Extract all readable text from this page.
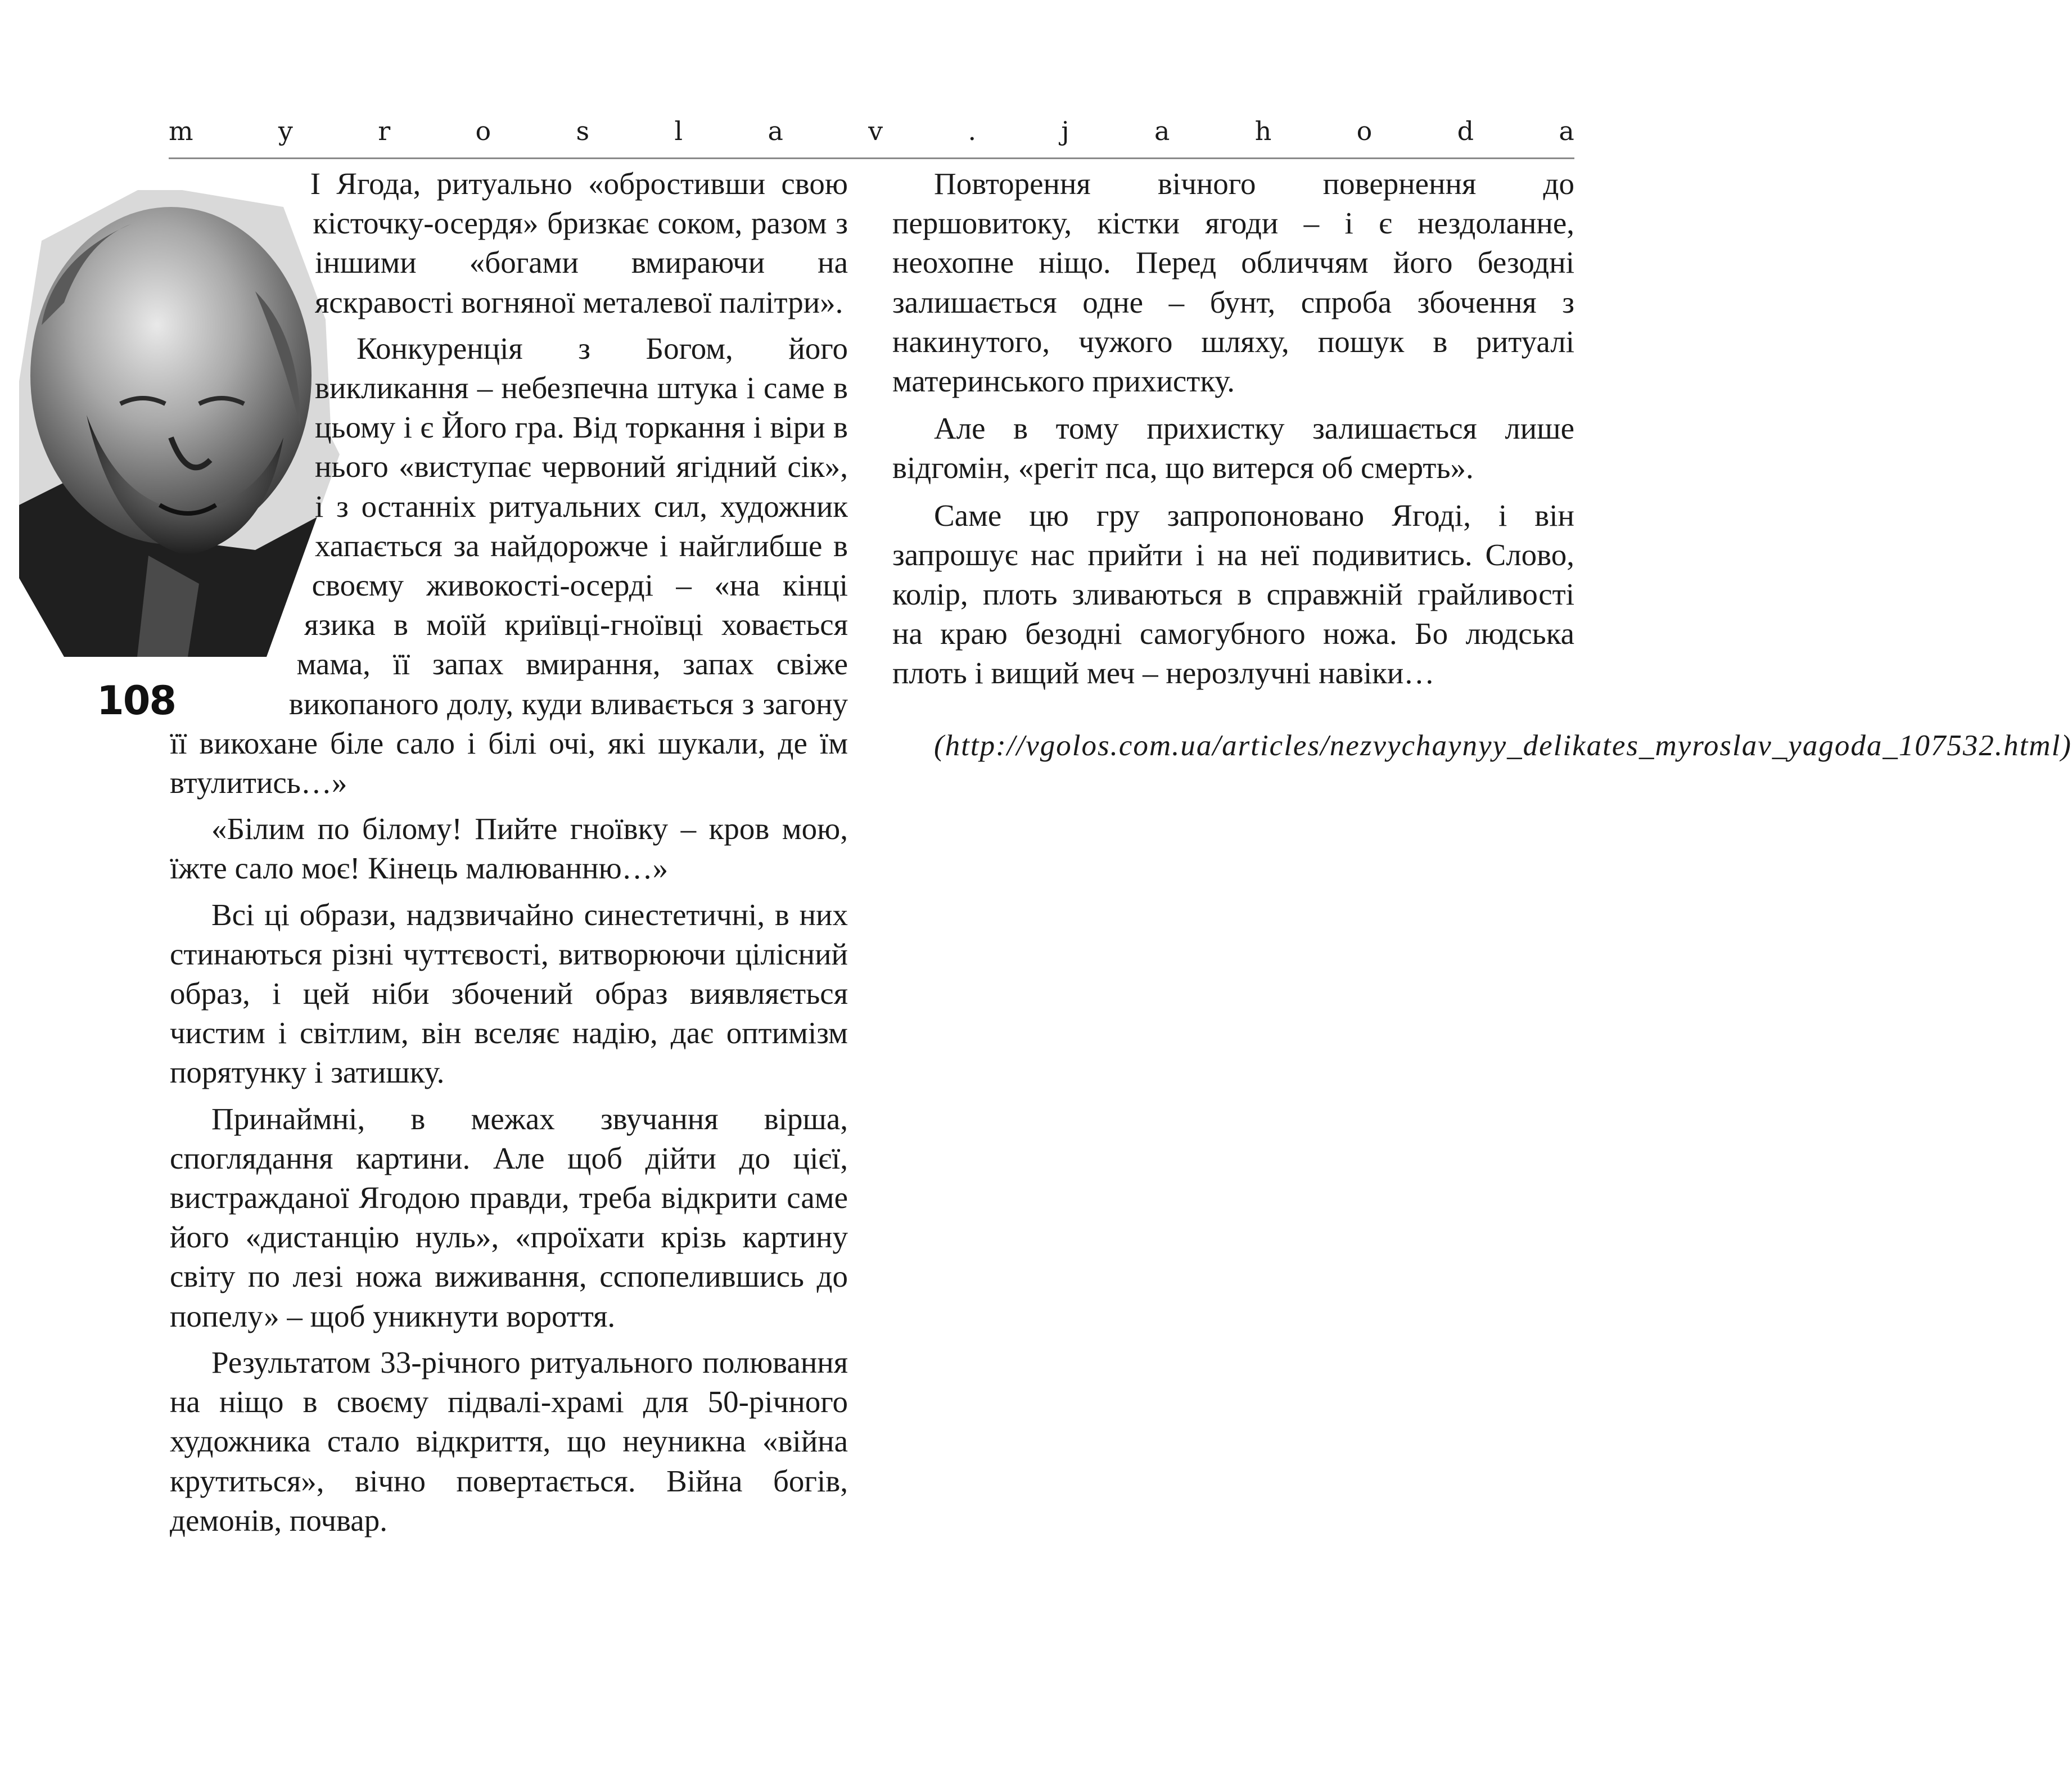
m	y	r	o	s	l	a	v	.	j	a	h	o	d	a
108

І Ягода, ритуально «обростивши свою кісточку-осердя» бризкає соком, разом з іншими «богами вмираючи на яскравості вогняної металевої палітри».

Конкуренція з Богом, його викликання – небезпечна штука і саме в цьому і є Його гра. Від торкання і віри в нього «виступає червоний ягідний сік», і з останніх ритуальних сил, художник хапається за найдорожче і найглибше в своєму живокості-осерді – «на кінці язика в моїй криївці-гноївці ховається мама, її запах вмирання, запах свіже викопаного долу, куди вливається з загону її викохане біле сало і білі очі, які шукали, де їм втулитись…»

«Білим по білому! Пийте гноївку – кров мою, їжте сало моє! Кінець малюванню…»

Всі ці образи, надзвичайно синестетичні, в них стинаються різні чуттєвості, витворюючи цілісний образ, і цей ніби збочений образ виявляється чистим і світлим, він вселяє надію, дає оптимізм порятунку і затишку.

Принаймні, в межах звучання вірша, споглядання картини. Але щоб дійти до цієї, вистражданої Ягодою правди, треба відкрити саме його «дистанцію нуль», «проїхати крізь картину світу по лезі ножа виживання, сспопелившись до попелу» – щоб уникнути вороття.

Результатом 33-річного ритуального полювання на ніщо в своєму підвалі-храмі для 50-річного художника стало відкриття, що неуникна «війна крутиться», вічно повертається. Війна богів, демонів, почвар.

Повторення вічного повернення до першовитоку, кістки ягоди – і є нездоланне, неохопне ніщо. Перед обличчям його безодні залишається одне – бунт, спроба збочення з накинутого, чужого шляху, пошук в ритуалі материнського прихистку.

Але в тому прихистку залишається лише відгомін, «регіт пса, що витерся об смерть».

Саме цю гру запропоновано Ягоді, і він запрошує нас прийти і на неї подивитись. Слово, колір, плоть зливаються в справжній грайливості на краю безодні самогубного ножа. Бо людська плоть і вищий меч – нерозлучні навіки…

(http://vgolos.com.ua/articles/nezvychaynyy_delikates_myroslav_yagoda_107532.html)
